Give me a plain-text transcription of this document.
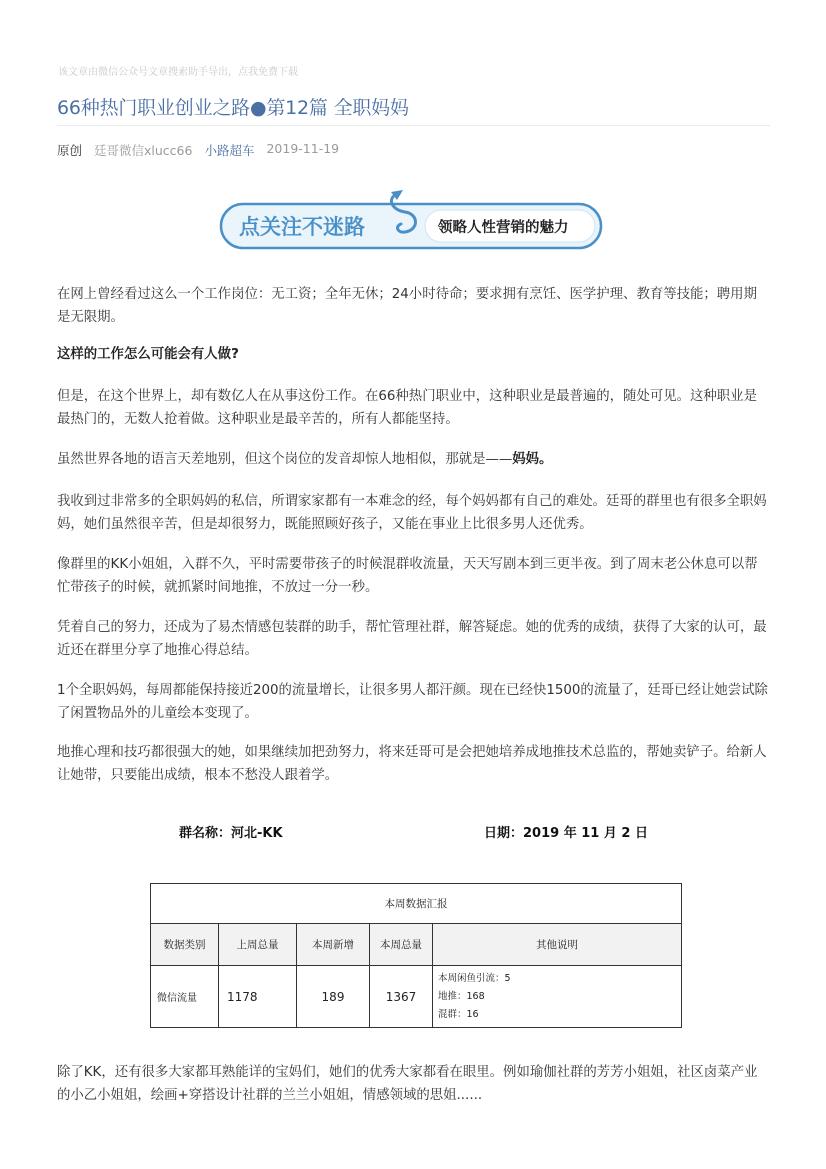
该文章由微信公众号文章搜索助手导出，点我免费下载
66种热门职业创业之路●第12篇 全职妈妈
原创 廷哥微信xlucc66 小路超车 2019-11-19
点关注不迷路	领略人性营销的魅力

在网上曾经看过这么一个工作岗位：无工资；全年无休；24小时待命；要求拥有烹饪、医学护理、教育等技能；聘用期是无限期。

这样的工作怎么可能会有人做?

但是，在这个世界上，却有数亿人在从事这份工作。在66种热门职业中，这种职业是最普遍的，随处可见。这种职业是最热门的，无数人抢着做。这种职业是最辛苦的，所有人都能坚持。

虽然世界各地的语言天差地别，但这个岗位的发音却惊人地相似，那就是——妈妈。

我收到过非常多的全职妈妈的私信，所谓家家都有一本难念的经，每个妈妈都有自己的难处。廷哥的群里也有很多全职妈妈，她们虽然很辛苦，但是却很努力，既能照顾好孩子，又能在事业上比很多男人还优秀。

像群里的KK小姐姐，入群不久，平时需要带孩子的时候混群收流量，天天写剧本到三更半夜。到了周末老公休息可以帮忙带孩子的时候，就抓紧时间地推，不放过一分一秒。

凭着自己的努力，还成为了易杰情感包装群的助手，帮忙管理社群，解答疑虑。她的优秀的成绩，获得了大家的认可，最近还在群里分享了地推心得总结。

1个全职妈妈，每周都能保持接近200的流量增长，让很多男人都汗颜。现在已经快1500的流量了，廷哥已经让她尝试除了闲置物品外的儿童绘本变现了。

地推心理和技巧都很强大的她，如果继续加把劲努力，将来廷哥可是会把她培养成地推技术总监的，帮她卖铲子。给新人让她带，只要能出成绩，根本不愁没人跟着学。

群名称：河北-KK	日期：2019 年 11 月 2 日
本周数据汇报				
数据类别	上周总量	本周新增	本周总量	其他说明
微信流量	1178	189	1367	本周闲鱼引流：5
地推：168
混群：16

除了KK，还有很多大家都耳熟能详的宝妈们，她们的优秀大家都看在眼里。例如瑜伽社群的芳芳小姐姐，社区卤菜产业的小乙小姐姐，绘画+穿搭设计社群的兰兰小姐姐，情感领域的思姐......
